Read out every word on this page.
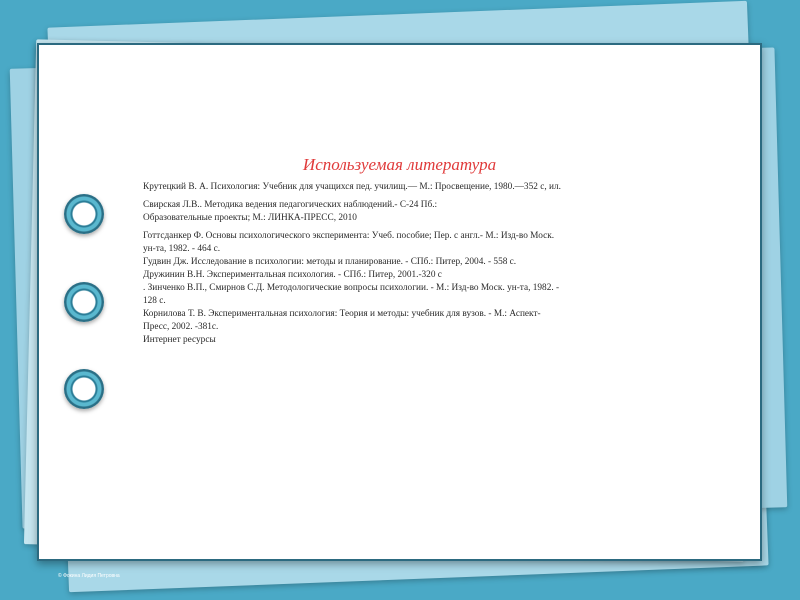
Используемая литература

Крутецкий В. А. Психология: Учебник для учащихся пед. училищ.— М.: Просвещение, 1980.—352 с, ил.

Свирская Л.В.. Методика ведения педагогических наблюдений.- С-24 Пб.:

Образовательные проекты; М.: ЛИНКА-ПРЕСС, 2010

Готтсданкер Ф. Основы психологического эксперимента: Учеб. пособие; Пер. с англ.- М.: Изд-во Моск.

ун-та, 1982. - 464 с.

Гудвин Дж. Исследование в психологии: методы и планирование. - СПб.: Питер, 2004. - 558 с.

Дружинин В.Н. Экспериментальная психология. - СПб.: Питер, 2001.-320 с

. Зинченко В.П., Смирнов С.Д. Методологические вопросы психологии. - М.: Изд-во Моск. ун-та, 1982. -

128 с.

Корнилова Т. В. Экспериментальная психология: Теория и методы: учебник для вузов. - М.: Аспект-

Пресс, 2002. -381с.

Интернет ресурсы

© Фокина Лидия Петровна
